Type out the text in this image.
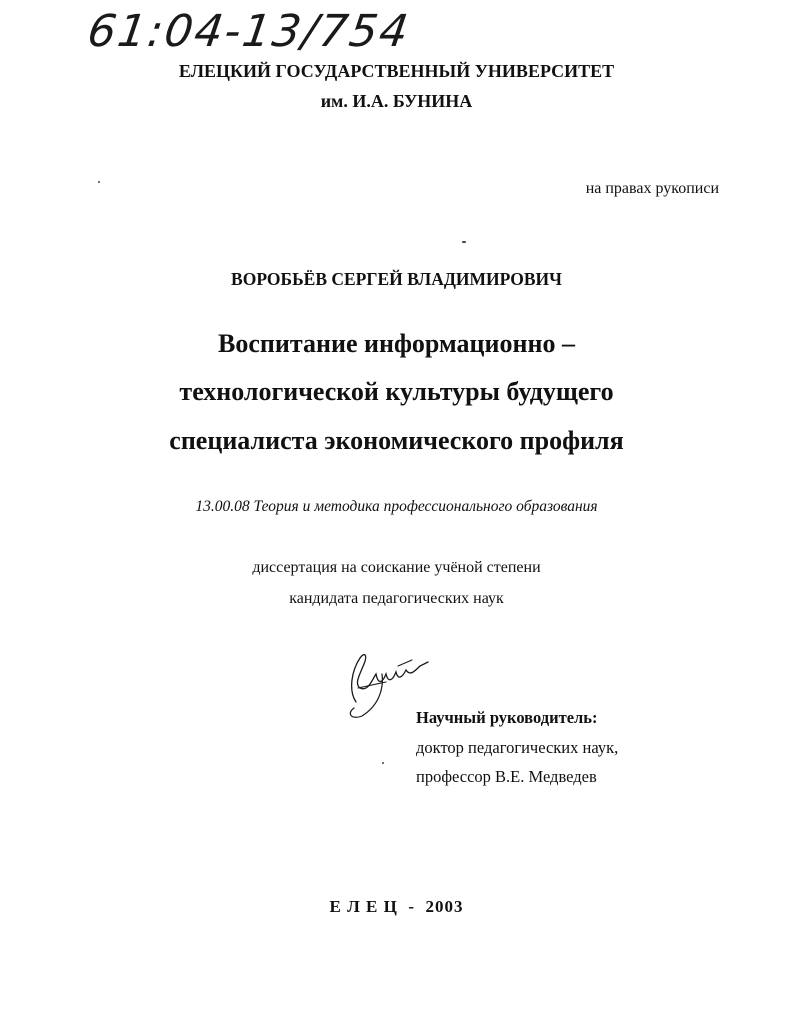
61:04-13/754
ЕЛЕЦКИЙ ГОСУДАРСТВЕННЫЙ УНИВЕРСИТЕТ
им. И.А. БУНИНА
на правах рукописи
ВОРОБЬЁВ СЕРГЕЙ ВЛАДИМИРОВИЧ
Воспитание информационно –
технологической культуры будущего
специалиста экономического профиля
13.00.08 Теория и методика профессионального образования
диссертация на соискание учёной степени
кандидата педагогических наук
Научный руководитель:
доктор педагогических наук,
профессор В.Е. Медведев
Е Л Е Ц  -  2003
